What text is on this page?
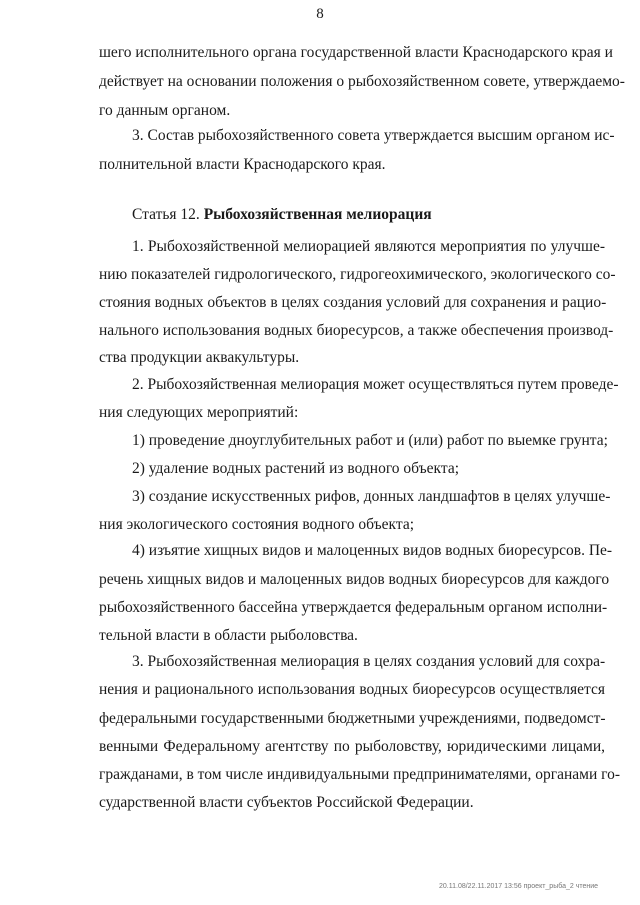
8
шего исполнительного органа государственной власти Краснодарского края и
действует на основании положения о рыбохозяйственном совете, утверждаемо-
го данным органом.
3. Состав рыбохозяйственного совета утверждается высшим органом ис-
полнительной власти Краснодарского края.
Статья 12. Рыбохозяйственная мелиорация
1. Рыбохозяйственной мелиорацией являются мероприятия по улучше-
нию показателей гидрологического, гидрогеохимического, экологического со-
стояния водных объектов в целях создания условий для сохранения и рацио-
нального использования водных биоресурсов, а также обеспечения производ-
ства продукции аквакультуры.
2. Рыбохозяйственная мелиорация может осуществляться путем проведе-
ния следующих мероприятий:
1) проведение дноуглубительных работ и (или) работ по выемке грунта;
2) удаление водных растений из водного объекта;
3) создание искусственных рифов, донных ландшафтов в целях улучше-
ния экологического состояния водного объекта;
4) изъятие хищных видов и малоценных видов водных биоресурсов. Пе-
речень хищных видов и малоценных видов водных биоресурсов для каждого
рыбохозяйственного бассейна утверждается федеральным органом исполни-
тельной власти в области рыболовства.
3. Рыбохозяйственная мелиорация в целях создания условий для сохра-
нения и рационального использования водных биоресурсов осуществляется
федеральными государственными бюджетными учреждениями, подведомст-
венными Федеральному агентству по рыболовству, юридическими лицами,
гражданами, в том числе индивидуальными предпринимателями, органами го-
сударственной власти субъектов Российской Федерации.
20.11.08/22.11.2017 13:56 проект_рыба_2 чтение
